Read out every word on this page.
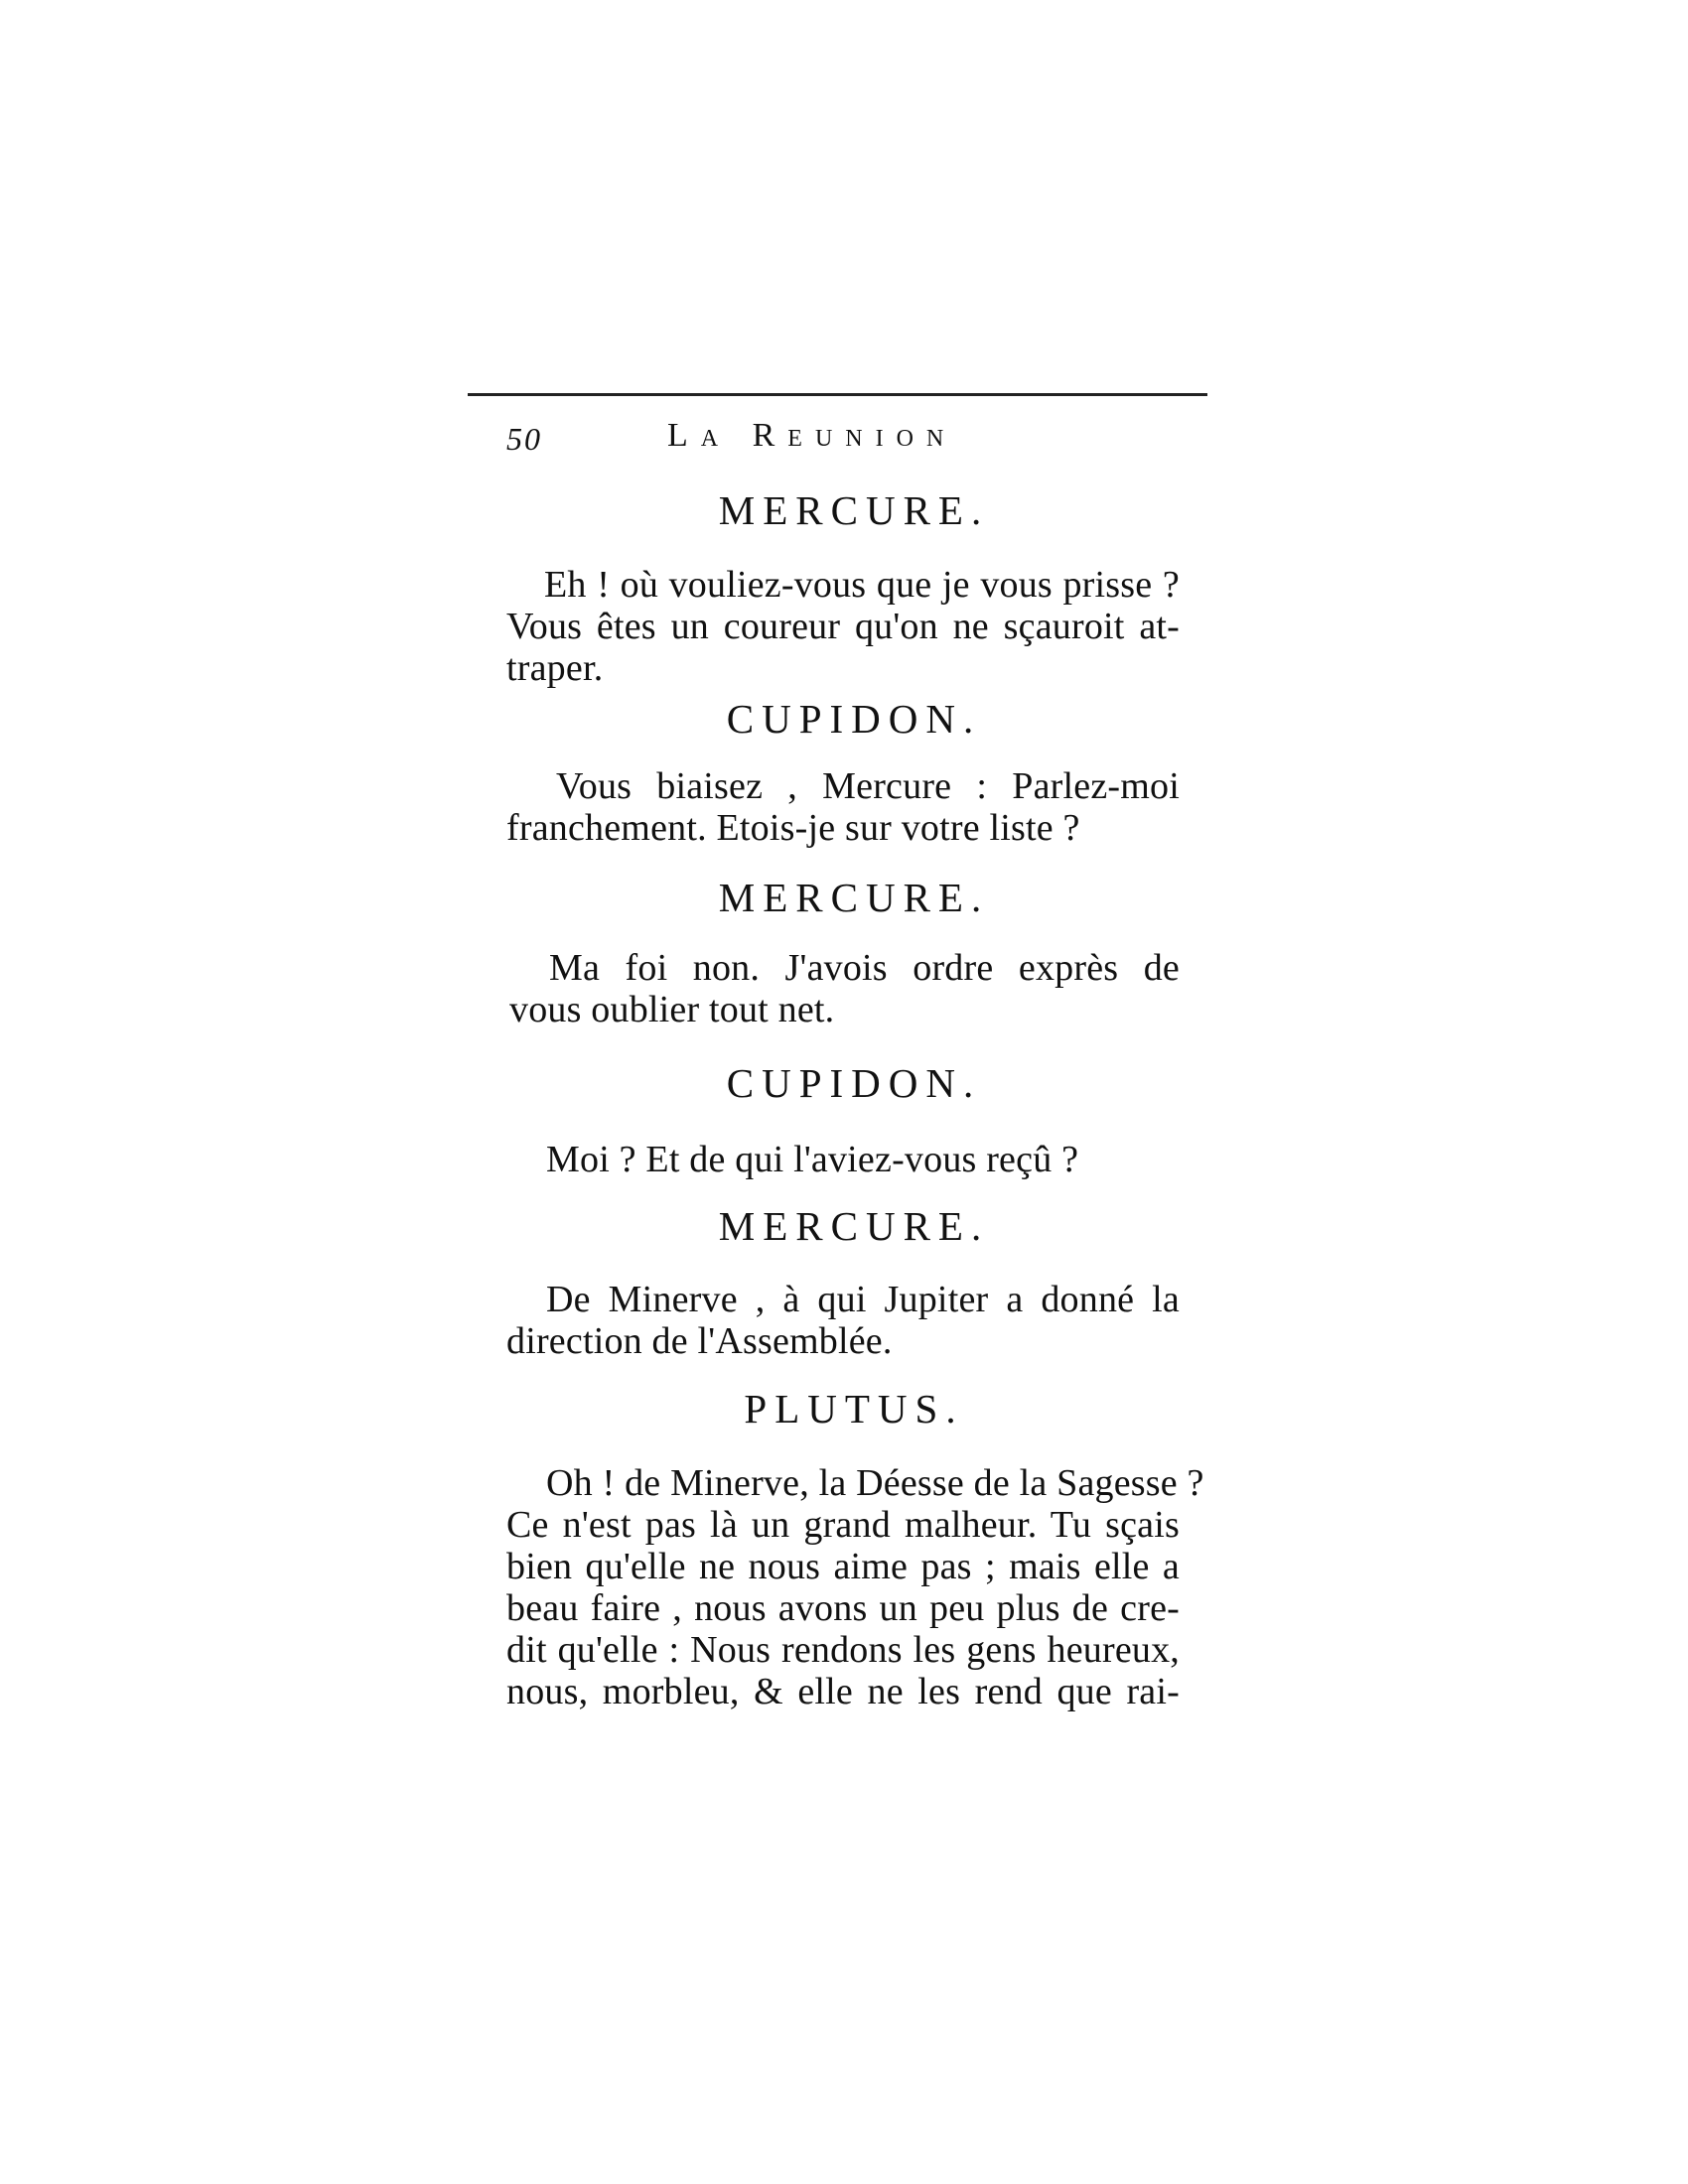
50	La Reunion
MERCURE.
Eh ! où vouliez-vous que je vous prisse ?
Vous êtes un coureur qu'on ne sçauroit at-
traper.
CUPIDON.
Vous biaisez , Mercure : Parlez-moi
franchement. Etois-je sur votre liste ?
MERCURE.
Ma foi non. J'avois ordre exprès de
vous oublier tout net.
CUPIDON.
Moi ? Et de qui l'aviez-vous reçû ?
MERCURE.
De Minerve , à qui Jupiter a donné la
direction de l'Assemblée.
PLUTUS.
Oh ! de Minerve, la Déesse de la Sagesse ?
Ce n'est pas là un grand malheur. Tu sçais
bien qu'elle ne nous aime pas ; mais elle a
beau faire , nous avons un peu plus de cre-
dit qu'elle : Nous rendons les gens heureux,
nous, morbleu, & elle ne les rend que rai-
